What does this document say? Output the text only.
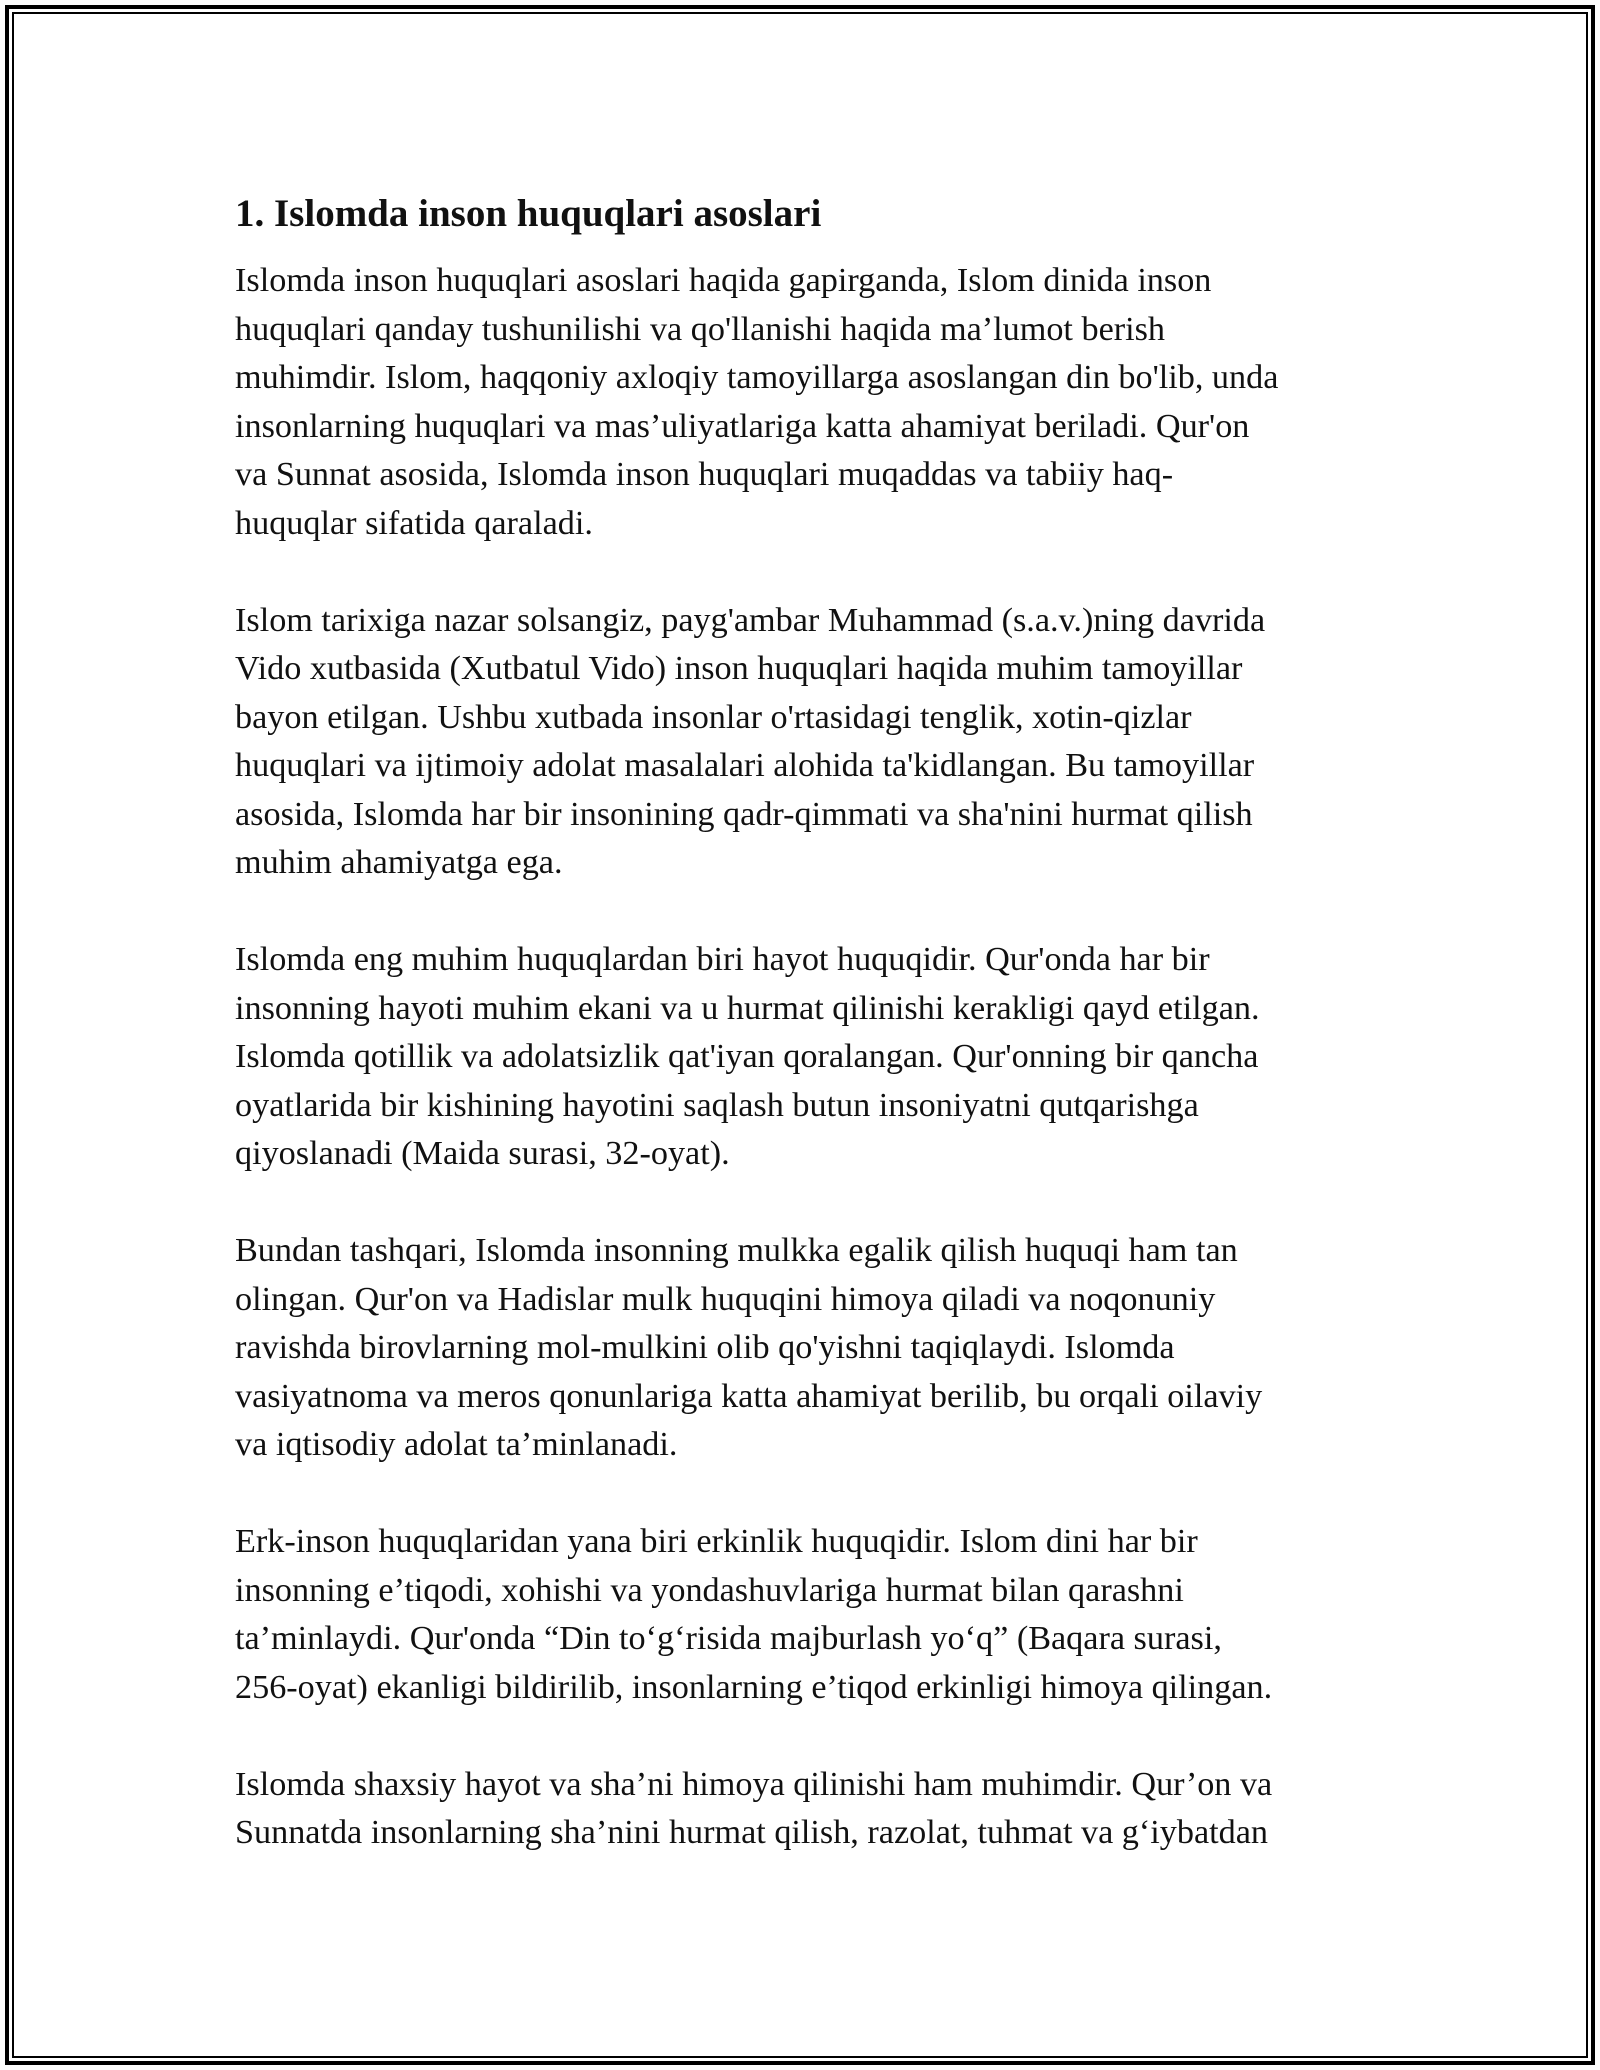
1. Islomda inson huquqlari asoslari

Islomda inson huquqlari asoslari haqida gapirganda, Islom dinida inson
huquqlari qanday tushunilishi va qo'llanishi haqida ma’lumot berish
muhimdir. Islom, haqqoniy axloqiy tamoyillarga asoslangan din bo'lib, unda
insonlarning huquqlari va mas’uliyatlariga katta ahamiyat beriladi. Qur'on
va Sunnat asosida, Islomda inson huquqlari muqaddas va tabiiy haq-
huquqlar sifatida qaraladi.

Islom tarixiga nazar solsangiz, payg'ambar Muhammad (s.a.v.)ning davrida
Vido xutbasida (Xutbatul Vido) inson huquqlari haqida muhim tamoyillar
bayon etilgan. Ushbu xutbada insonlar o'rtasidagi tenglik, xotin-qizlar
huquqlari va ijtimoiy adolat masalalari alohida ta'kidlangan. Bu tamoyillar
asosida, Islomda har bir insonining qadr-qimmati va sha'nini hurmat qilish
muhim ahamiyatga ega.

Islomda eng muhim huquqlardan biri hayot huquqidir. Qur'onda har bir
insonning hayoti muhim ekani va u hurmat qilinishi kerakligi qayd etilgan.
Islomda qotillik va adolatsizlik qat'iyan qoralangan. Qur'onning bir qancha
oyatlarida bir kishining hayotini saqlash butun insoniyatni qutqarishga
qiyoslanadi (Maida surasi, 32-oyat).

Bundan tashqari, Islomda insonning mulkka egalik qilish huquqi ham tan
olingan. Qur'on va Hadislar mulk huquqini himoya qiladi va noqonuniy
ravishda birovlarning mol-mulkini olib qo'yishni taqiqlaydi. Islomda
vasiyatnoma va meros qonunlariga katta ahamiyat berilib, bu orqali oilaviy
va iqtisodiy adolat ta’minlanadi.

Erk-inson huquqlaridan yana biri erkinlik huquqidir. Islom dini har bir
insonning e’tiqodi, xohishi va yondashuvlariga hurmat bilan qarashni
ta’minlaydi. Qur'onda “Din to‘g‘risida majburlash yo‘q” (Baqara surasi,
256-oyat) ekanligi bildirilib, insonlarning e’tiqod erkinligi himoya qilingan.

Islomda shaxsiy hayot va sha’ni himoya qilinishi ham muhimdir. Qur’on va
Sunnatda insonlarning sha’nini hurmat qilish, razolat, tuhmat va g‘iybatdan
